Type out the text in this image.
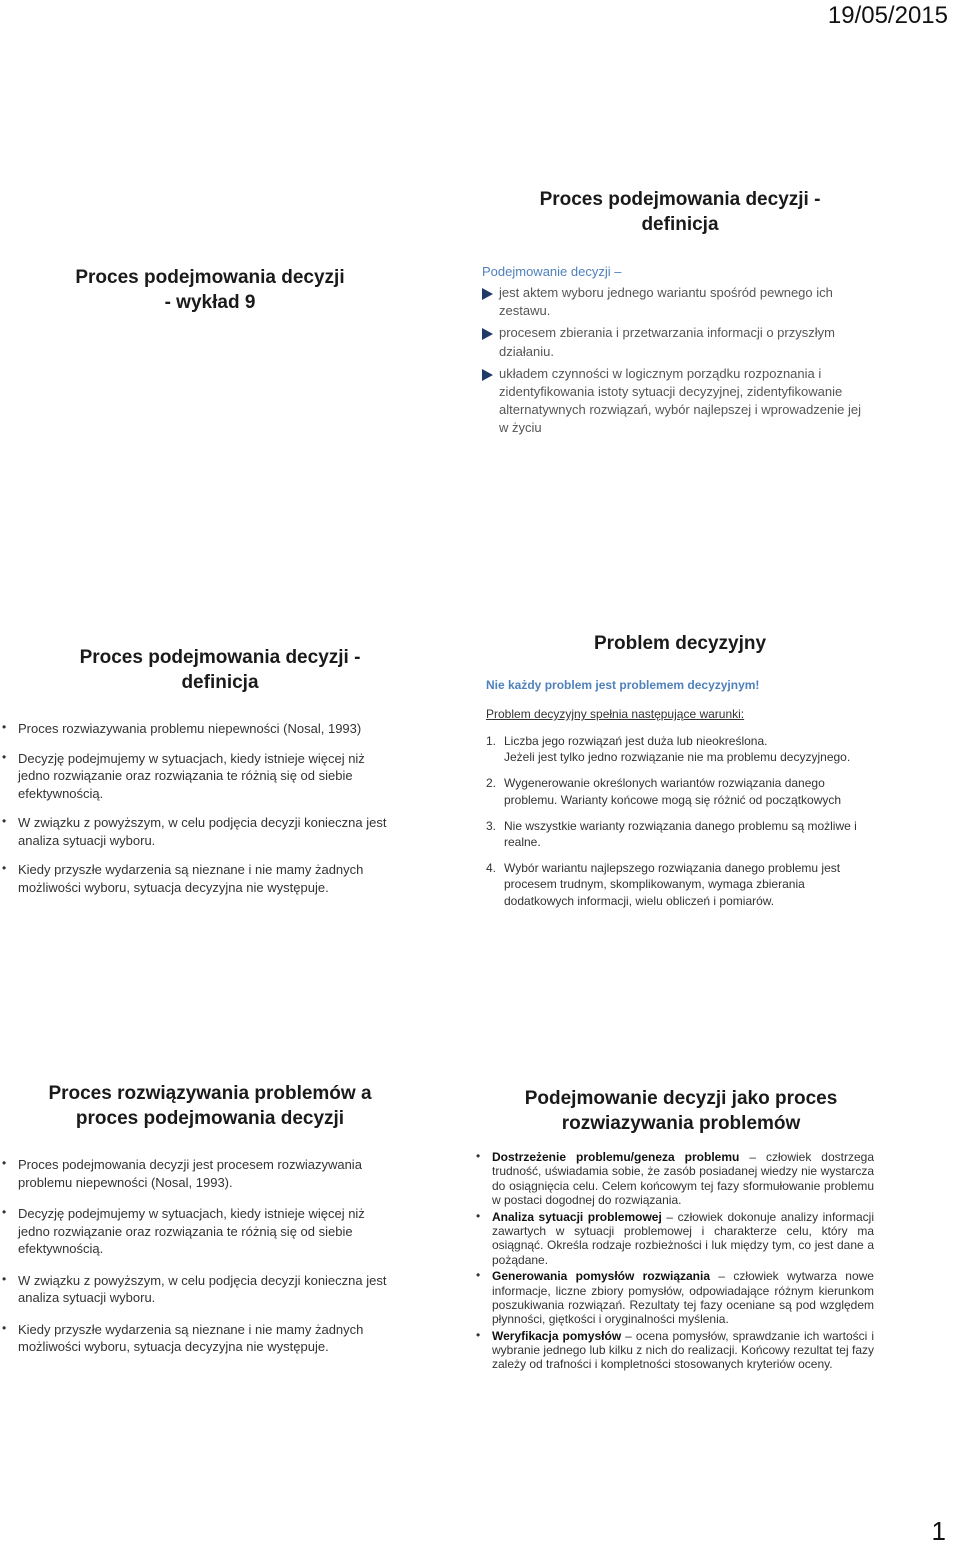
19/05/2015
Proces podejmowania decyzji
- wykład 9
Proces podejmowania decyzji -
definicja
Podejmowanie decyzji –
jest aktem wyboru jednego wariantu spośród pewnego ich zestawu.
procesem zbierania i przetwarzania informacji o przyszłym działaniu.
układem czynności w logicznym porządku rozpoznania i zidentyfikowania istoty sytuacji decyzyjnej, zidentyfikowanie alternatywnych rozwiązań, wybór najlepszej i wprowadzenie jej w życiu
Proces podejmowania decyzji -
definicja
• Proces rozwiazywania problemu niepewności (Nosal, 1993)
• Decyzję podejmujemy w sytuacjach, kiedy istnieje więcej niż jedno rozwiązanie oraz rozwiązania te różnią się od siebie efektywnością.
• W związku z powyższym, w celu podjęcia decyzji konieczna jest analiza sytuacji wyboru.
• Kiedy przyszłe wydarzenia są nieznane i nie mamy żadnych możliwości wyboru, sytuacja decyzyjna nie występuje.
Problem decyzyjny
Nie każdy problem jest problemem decyzyjnym!
Problem decyzyjny spełnia następujące warunki:
1. Liczba jego rozwiązań jest duża lub nieokreślona.
Jeżeli jest tylko jedno rozwiązanie nie ma problemu decyzyjnego.
2. Wygenerowanie określonych wariantów rozwiązania danego problemu. Warianty końcowe mogą się różnić od początkowych
3. Nie wszystkie warianty rozwiązania danego problemu są możliwe i realne.
4. Wybór wariantu najlepszego rozwiązania danego problemu jest procesem trudnym, skomplikowanym, wymaga zbierania dodatkowych informacji, wielu obliczeń i pomiarów.
Proces rozwiązywania problemów a
proces podejmowania decyzji
• Proces podejmowania decyzji jest procesem rozwiazywania problemu niepewności (Nosal, 1993).
• Decyzję podejmujemy w sytuacjach, kiedy istnieje więcej niż jedno rozwiązanie oraz rozwiązania te różnią się od siebie efektywnością.
• W związku z powyższym, w celu podjęcia decyzji konieczna jest analiza sytuacji wyboru.
• Kiedy przyszłe wydarzenia są nieznane i nie mamy żadnych możliwości wyboru, sytuacja decyzyjna nie występuje.
Podejmowanie decyzji jako proces
rozwiazywania problemów
• Dostrzeżenie problemu/geneza problemu – człowiek dostrzega trudność, uświadamia sobie, że zasób posiadanej wiedzy nie wystarcza do osiągnięcia celu. Celem końcowym tej fazy sformułowanie problemu w postaci dogodnej do rozwiązania.
• Analiza sytuacji problemowej – człowiek dokonuje analizy informacji zawartych w sytuacji problemowej i charakterze celu, który ma osiągnąć. Określa rodzaje rozbieżności i luk między tym, co jest dane a pożądane.
• Generowania pomysłów rozwiązania – człowiek wytwarza nowe informacje, liczne zbiory pomysłów, odpowiadające różnym kierunkom poszukiwania rozwiązań. Rezultaty tej fazy oceniane są pod względem płynności, giętkości i oryginalności myślenia.
• Weryfikacja pomysłów – ocena pomysłów, sprawdzanie ich wartości i wybranie jednego lub kilku z nich do realizacji. Końcowy rezultat tej fazy zależy od trafności i kompletności stosowanych kryteriów oceny.
1
